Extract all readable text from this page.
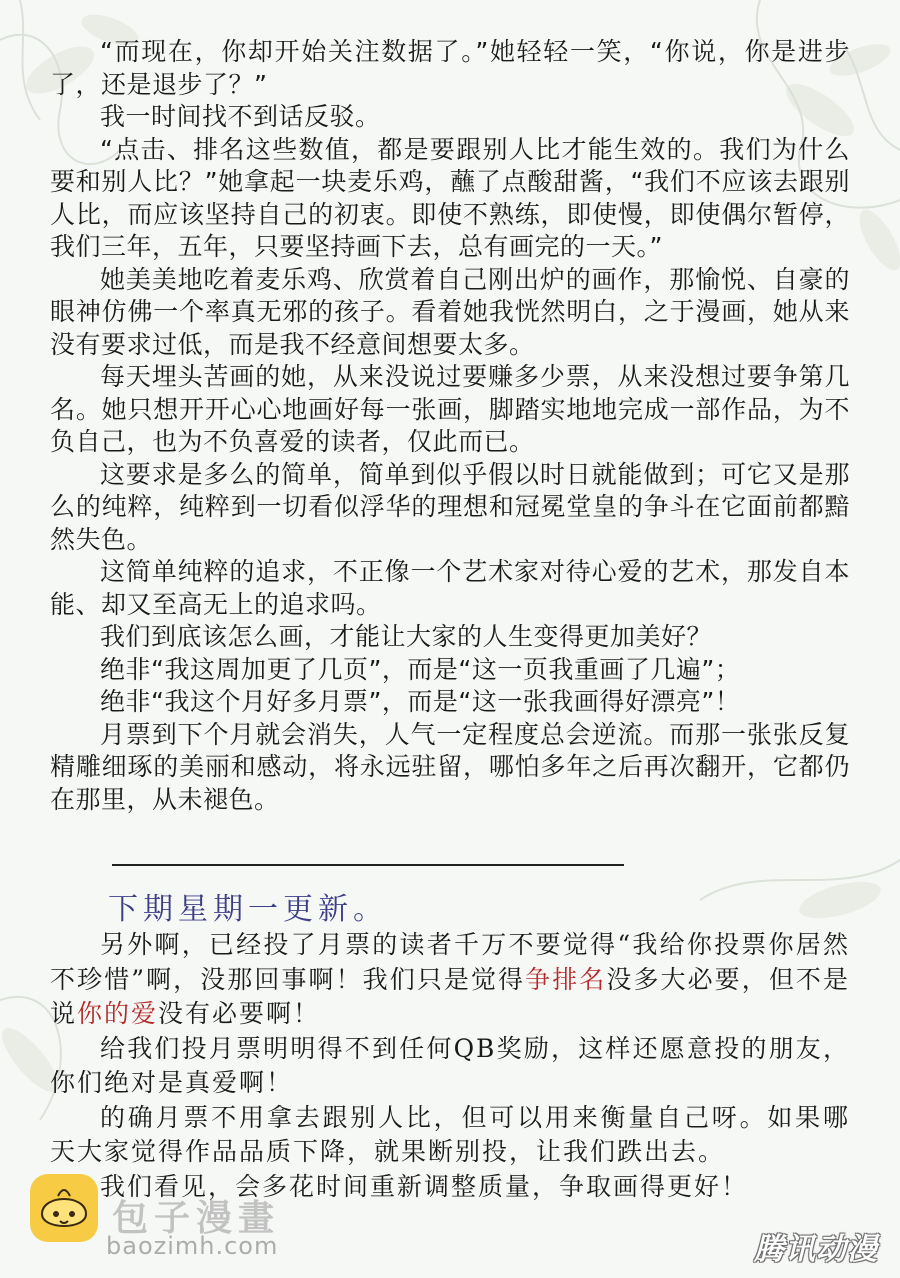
“而现在，你却开始关注数据了。”她轻轻一笑，“你说，你是进步了，还是退步了？”

我一时间找不到话反驳。

“点击、排名这些数值，都是要跟别人比才能生效的。我们为什么要和别人比？”她拿起一块麦乐鸡，蘸了点酸甜酱，“我们不应该去跟别人比，而应该坚持自己的初衷。即使不熟练，即使慢，即使偶尔暂停，我们三年，五年，只要坚持画下去，总有画完的一天。”

她美美地吃着麦乐鸡、欣赏着自己刚出炉的画作，那愉悦、自豪的眼神仿佛一个率真无邪的孩子。看着她我恍然明白，之于漫画，她从来没有要求过低，而是我不经意间想要太多。

每天埋头苦画的她，从来没说过要赚多少票，从来没想过要争第几名。她只想开开心心地画好每一张画，脚踏实地地完成一部作品，为不负自己，也为不负喜爱的读者，仅此而已。

这要求是多么的简单，简单到似乎假以时日就能做到；可它又是那么的纯粹，纯粹到一切看似浮华的理想和冠冕堂皇的争斗在它面前都黯然失色。

这简单纯粹的追求，不正像一个艺术家对待心爱的艺术，那发自本能、却又至高无上的追求吗。

我们到底该怎么画，才能让大家的人生变得更加美好？

绝非“我这周加更了几页”，而是“这一页我重画了几遍”；

绝非“我这个月好多月票”，而是“这一张我画得好漂亮”！

月票到下个月就会消失，人气一定程度总会逆流。而那一张张反复精雕细琢的美丽和感动，将永远驻留，哪怕多年之后再次翻开，它都仍在那里，从未褪色。

下期星期一更新。

另外啊，已经投了月票的读者千万不要觉得“我给你投票你居然不珍惜”啊，没那回事啊！我们只是觉得争排名没多大必要，但不是说你的爱没有必要啊！

给我们投月票明明得不到任何QB奖励，这样还愿意投的朋友，你们绝对是真爱啊！

的确月票不用拿去跟别人比，但可以用来衡量自己呀。如果哪天大家觉得作品品质下降，就果断别投，让我们跌出去。

我们看见，会多花时间重新调整质量，争取画得更好！

包子漫畫
baozimh.com	腾讯动漫
